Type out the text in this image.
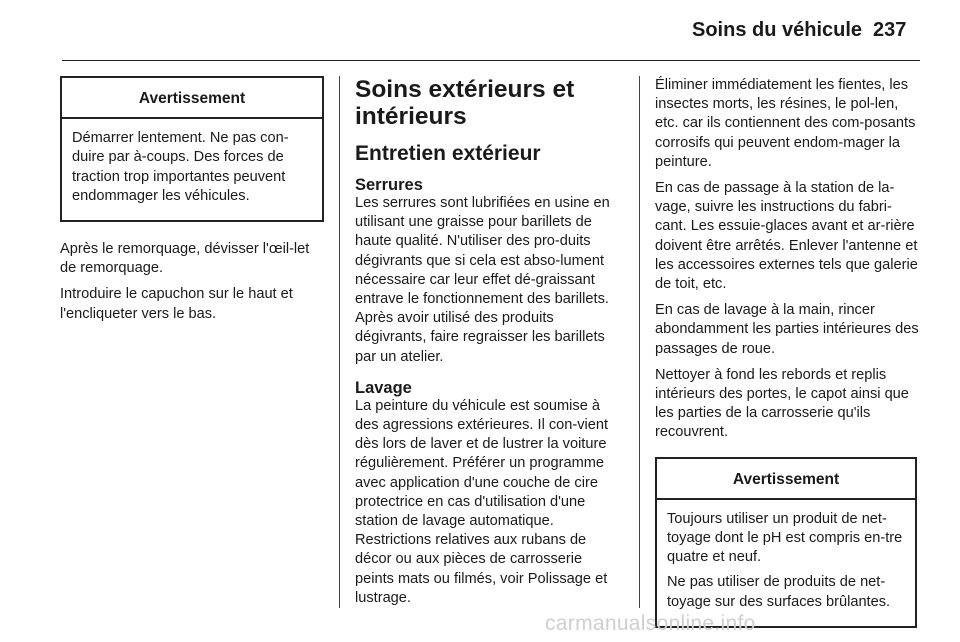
Soins du véhicule 237
Avertissement

Démarrer lentement. Ne pas con-duire par à-coups. Des forces de traction trop importantes peuvent endommager les véhicules.

Après le remorquage, dévisser l'œil-let de remorquage.

Introduire le capuchon sur le haut et l'encliqueter vers le bas.

Soins extérieurs et intérieurs
Entretien extérieur
Serrures

Les serrures sont lubrifiées en usine en utilisant une graisse pour barillets de haute qualité. N'utiliser des pro-duits dégivrants que si cela est abso-lument nécessaire car leur effet dé-graissant entrave le fonctionnement des barillets. Après avoir utilisé des produits dégivrants, faire regraisser les barillets par un atelier.

Lavage

La peinture du véhicule est soumise à des agressions extérieures. Il con-vient dès lors de laver et de lustrer la voiture régulièrement. Préférer un programme avec application d'une couche de cire protectrice en cas d'utilisation d'une station de lavage automatique. Restrictions relatives aux rubans de décor ou aux pièces de carrosserie peints mats ou filmés, voir Polissage et lustrage.

Éliminer immédiatement les fientes, les insectes morts, les résines, le pol-len, etc. car ils contiennent des com-posants corrosifs qui peuvent endom-mager la peinture.

En cas de passage à la station de la-vage, suivre les instructions du fabri-cant. Les essuie-glaces avant et ar-rière doivent être arrêtés. Enlever l'antenne et les accessoires externes tels que galerie de toit, etc.

En cas de lavage à la main, rincer abondamment les parties intérieures des passages de roue.

Nettoyer à fond les rebords et replis intérieurs des portes, le capot ainsi que les parties de la carrosserie qu'ils recouvrent.

Avertissement

Toujours utiliser un produit de net-toyage dont le pH est compris en-tre quatre et neuf.

Ne pas utiliser de produits de net-toyage sur des surfaces brûlantes.

carmanualsonline.info
